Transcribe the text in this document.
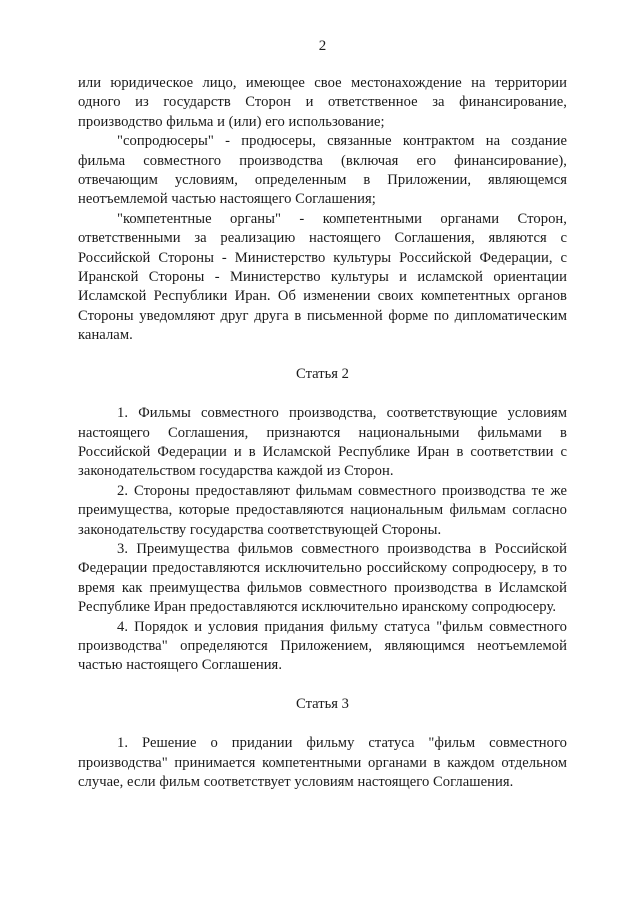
2

или юридическое лицо, имеющее свое местонахождение на территории одного из государств Сторон и ответственное за финансирование, производство фильма и (или) его использование;

"сопродюсеры" - продюсеры, связанные контрактом на создание фильма совместного производства (включая его финансирование), отвечающим условиям, определенным в Приложении, являющемся неотъемлемой частью настоящего Соглашения;

"компетентные органы" - компетентными органами Сторон, ответственными за реализацию настоящего Соглашения, являются с Российской Стороны - Министерство культуры Российской Федерации, с Иранской Стороны - Министерство культуры и исламской ориентации Исламской Республики Иран. Об изменении своих компетентных органов Стороны уведомляют друг друга в письменной форме по дипломатическим каналам.

Статья 2

1. Фильмы совместного производства, соответствующие условиям настоящего Соглашения, признаются национальными фильмами в Российской Федерации и в Исламской Республике Иран в соответствии с законодательством государства каждой из Сторон.

2. Стороны предоставляют фильмам совместного производства те же преимущества, которые предоставляются национальным фильмам согласно законодательству государства соответствующей Стороны.

3. Преимущества фильмов совместного производства в Российской Федерации предоставляются исключительно российскому сопродюсеру, в то время как преимущества фильмов совместного производства в Исламской Республике Иран предоставляются исключительно иранскому сопродюсеру.

4. Порядок и условия придания фильму статуса "фильм совместного производства" определяются Приложением, являющимся неотъемлемой частью настоящего Соглашения.

Статья 3

1. Решение о придании фильму статуса "фильм совместного производства" принимается компетентными органами в каждом отдельном случае, если фильм соответствует условиям настоящего Соглашения.
